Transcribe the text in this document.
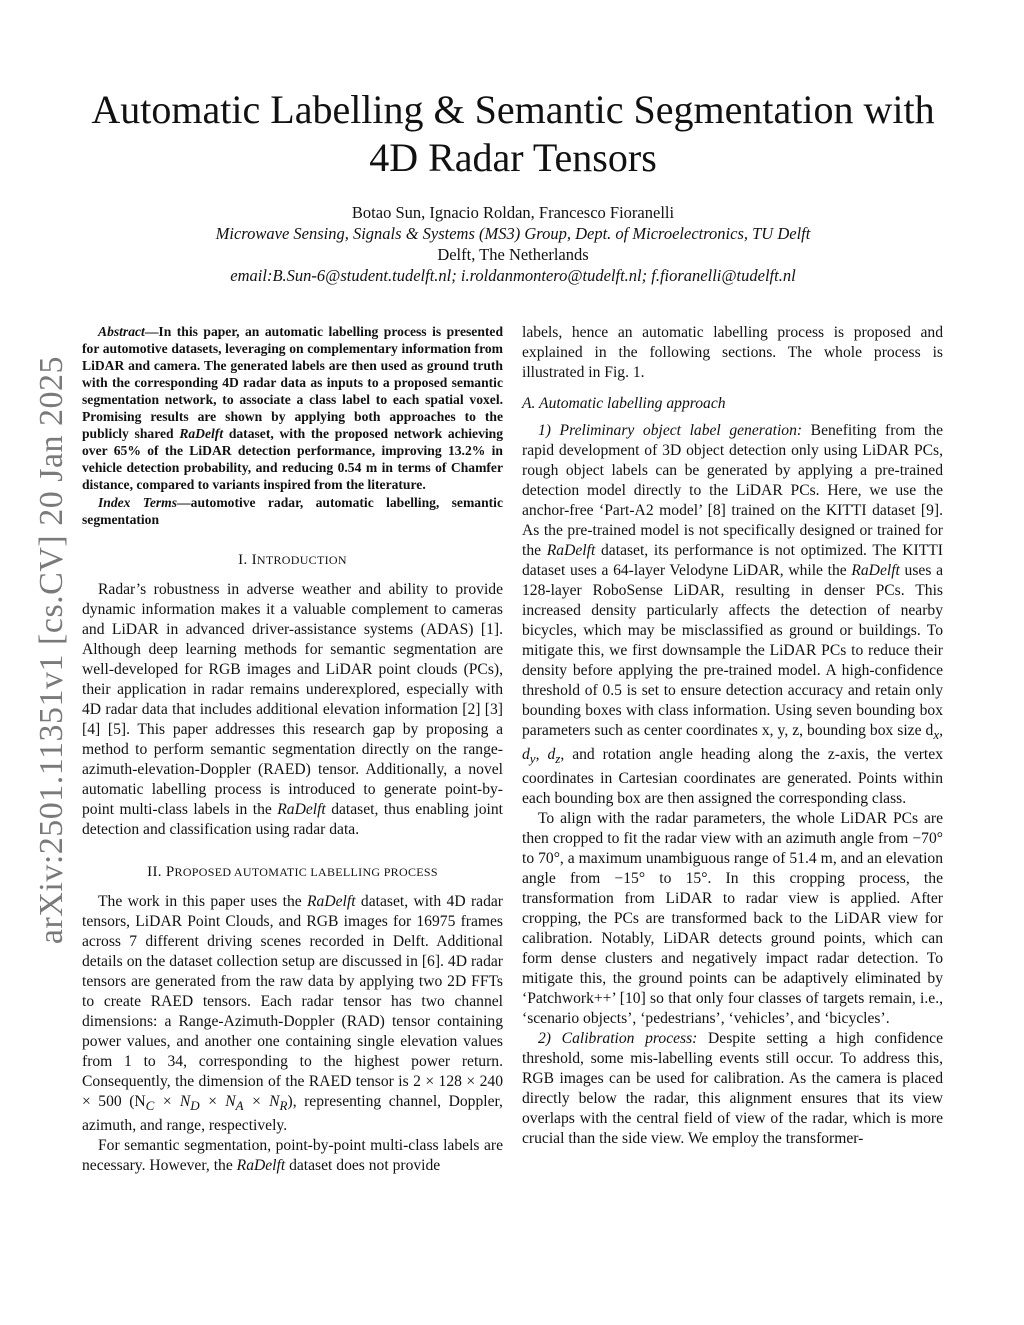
arXiv:2501.11351v1 [cs.CV] 20 Jan 2025
Automatic Labelling & Semantic Segmentation with
4D Radar Tensors
Botao Sun, Ignacio Roldan, Francesco Fioranelli
Microwave Sensing, Signals & Systems (MS3) Group, Dept. of Microelectronics, TU Delft
Delft, The Netherlands
email:B.Sun-6@student.tudelft.nl; i.roldanmontero@tudelft.nl; f.fioranelli@tudelft.nl

Abstract—In this paper, an automatic labelling process is presented for automotive datasets, leveraging on complementary information from LiDAR and camera. The generated labels are then used as ground truth with the corresponding 4D radar data as inputs to a proposed semantic segmentation network, to associate a class label to each spatial voxel. Promising results are shown by applying both approaches to the publicly shared RaDelft dataset, with the proposed network achieving over 65% of the LiDAR detection performance, improving 13.2% in vehicle detection probability, and reducing 0.54 m in terms of Chamfer distance, compared to variants inspired from the literature.

Index Terms—automotive radar, automatic labelling, semantic segmentation

I. INTRODUCTION

Radar’s robustness in adverse weather and ability to provide dynamic information makes it a valuable complement to cameras and LiDAR in advanced driver-assistance systems (ADAS) [1]. Although deep learning methods for semantic segmentation are well-developed for RGB images and LiDAR point clouds (PCs), their application in radar remains underexplored, especially with 4D radar data that includes additional elevation information [2] [3] [4] [5]. This paper addresses this research gap by proposing a method to perform semantic segmentation directly on the range-azimuth-elevation-Doppler (RAED) tensor. Additionally, a novel automatic labelling process is introduced to generate point-by-point multi-class labels in the RaDelft dataset, thus enabling joint detection and classification using radar data.

II. PROPOSED AUTOMATIC LABELLING PROCESS

The work in this paper uses the RaDelft dataset, with 4D radar tensors, LiDAR Point Clouds, and RGB images for 16975 frames across 7 different driving scenes recorded in Delft. Additional details on the dataset collection setup are discussed in [6]. 4D radar tensors are generated from the raw data by applying two 2D FFTs to create RAED tensors. Each radar tensor has two channel dimensions: a Range-Azimuth-Doppler (RAD) tensor containing power values, and another one containing single elevation values from 1 to 34, corresponding to the highest power return. Consequently, the dimension of the RAED tensor is 2 × 128 × 240 × 500 $(N_C \times N_D \times N_A \times N_R)$, representing channel, Doppler, azimuth, and range, respectively.

For semantic segmentation, point-by-point multi-class labels are necessary. However, the RaDelft dataset does not provide

labels, hence an automatic labelling process is proposed and explained in the following sections. The whole process is illustrated in Fig. 1.

A. Automatic labelling approach

1) Preliminary object label generation: Benefiting from the rapid development of 3D object detection only using LiDAR PCs, rough object labels can be generated by applying a pre-trained detection model directly to the LiDAR PCs. Here, we use the anchor-free ‘Part-A2 model’ [8] trained on the KITTI dataset [9]. As the pre-trained model is not specifically designed or trained for the RaDelft dataset, its performance is not optimized. The KITTI dataset uses a 64-layer Velodyne LiDAR, while the RaDelft uses a 128-layer RoboSense LiDAR, resulting in denser PCs. This increased density particularly affects the detection of nearby bicycles, which may be misclassified as ground or buildings. To mitigate this, we first downsample the LiDAR PCs to reduce their density before applying the pre-trained model. A high-confidence threshold of 0.5 is set to ensure detection accuracy and retain only bounding boxes with class information. Using seven bounding box parameters such as center coordinates x, y, z, bounding box size $d_x$, $d_y$, $d_z$, and rotation angle heading along the z-axis, the vertex coordinates in Cartesian coordinates are generated. Points within each bounding box are then assigned the corresponding class.

To align with the radar parameters, the whole LiDAR PCs are then cropped to fit the radar view with an azimuth angle from −70° to 70°, a maximum unambiguous range of 51.4 m, and an elevation angle from −15° to 15°. In this cropping process, the transformation from LiDAR to radar view is applied. After cropping, the PCs are transformed back to the LiDAR view for calibration. Notably, LiDAR detects ground points, which can form dense clusters and negatively impact radar detection. To mitigate this, the ground points can be adaptively eliminated by ‘Patchwork++’ [10] so that only four classes of targets remain, i.e., ‘scenario objects’, ‘pedestrians’, ‘vehicles’, and ‘bicycles’.

2) Calibration process: Despite setting a high confidence threshold, some mis-labelling events still occur. To address this, RGB images can be used for calibration. As the camera is placed directly below the radar, this alignment ensures that its view overlaps with the central field of view of the radar, which is more crucial than the side view. We employ the transformer-
